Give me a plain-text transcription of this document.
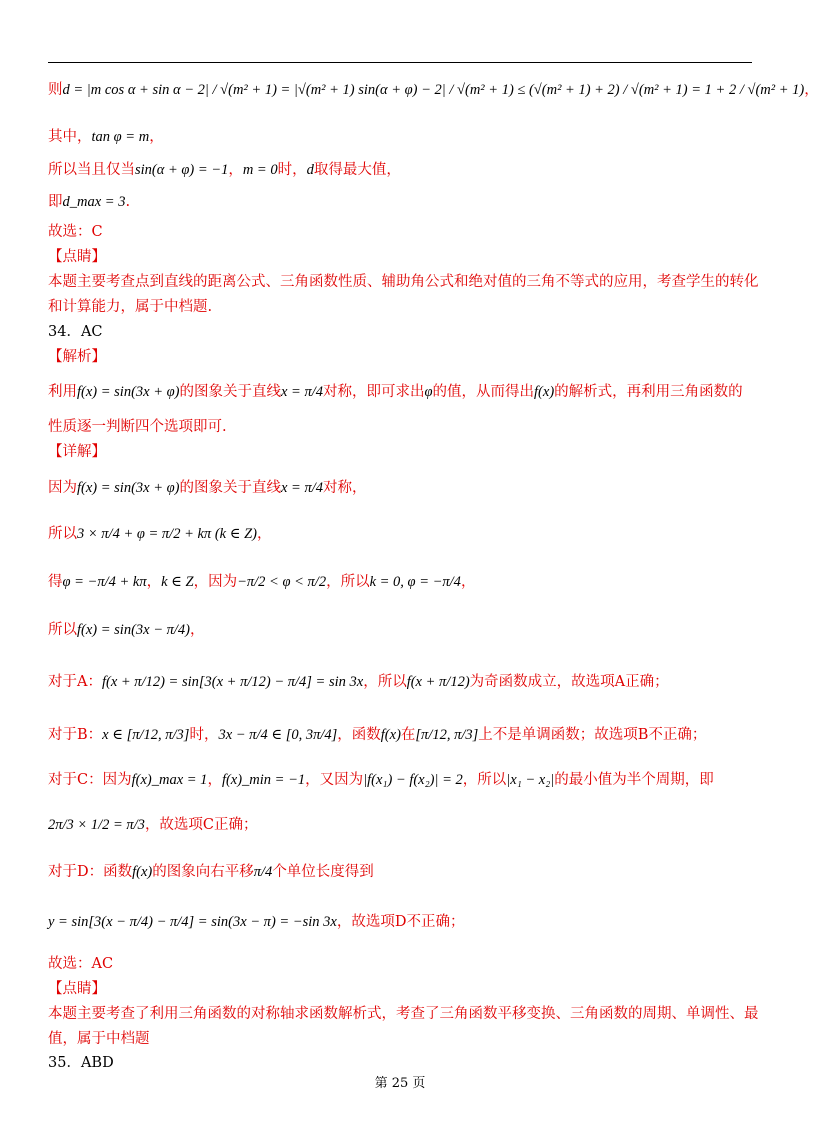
则d = |m cos α + sin α − 2| / √(m² + 1) = |√(m² + 1) sin(α + φ) − 2| / √(m² + 1) ≤ (√(m² + 1) + 2) / √(m² + 1) = 1 + 2 / √(m² + 1)，
其中，tan φ = m，
所以当且仅当sin(α + φ) = −1，m = 0时，d取得最大值，
即d_max = 3.
故选：C
【点睛】
本题主要考查点到直线的距离公式、三角函数性质、辅助角公式和绝对值的三角不等式的应用，考查学生的转化
和计算能力，属于中档题.
34．AC
【解析】
利用f(x) = sin(3x + φ)的图象关于直线x = π/4对称，即可求出φ的值，从而得出f(x)的解析式，再利用三角函数的
性质逐一判断四个选项即可.
【详解】
因为f(x) = sin(3x + φ)的图象关于直线x = π/4对称，
所以3 × π/4 + φ = π/2 + kπ (k ∈ Z)，
得φ = −π/4 + kπ，k ∈ Z，因为−π/2 < φ < π/2，所以k = 0, φ = −π/4，
所以f(x) = sin(3x − π/4)，
对于A：f(x + π/12) = sin[3(x + π/12) − π/4] = sin 3x，所以f(x + π/12)为奇函数成立，故选项A正确；
对于B：x ∈ [π/12, π/3]时，3x − π/4 ∈ [0, 3π/4]，函数f(x)在[π/12, π/3]上不是单调函数；故选项B不正确；
对于C：因为f(x)_max = 1，f(x)_min = −1，又因为|f(x₁) − f(x₂)| = 2，所以|x₁ − x₂|的最小值为半个周期，即
2π/3 × 1/2 = π/3，故选项C正确；
对于D：函数f(x)的图象向右平移π/4个单位长度得到
y = sin[3(x − π/4) − π/4] = sin(3x − π) = −sin 3x，故选项D不正确；
故选：AC
【点睛】
本题主要考查了利用三角函数的对称轴求函数解析式，考查了三角函数平移变换、三角函数的周期、单调性、最
值，属于中档题
35．ABD
第 25 页
